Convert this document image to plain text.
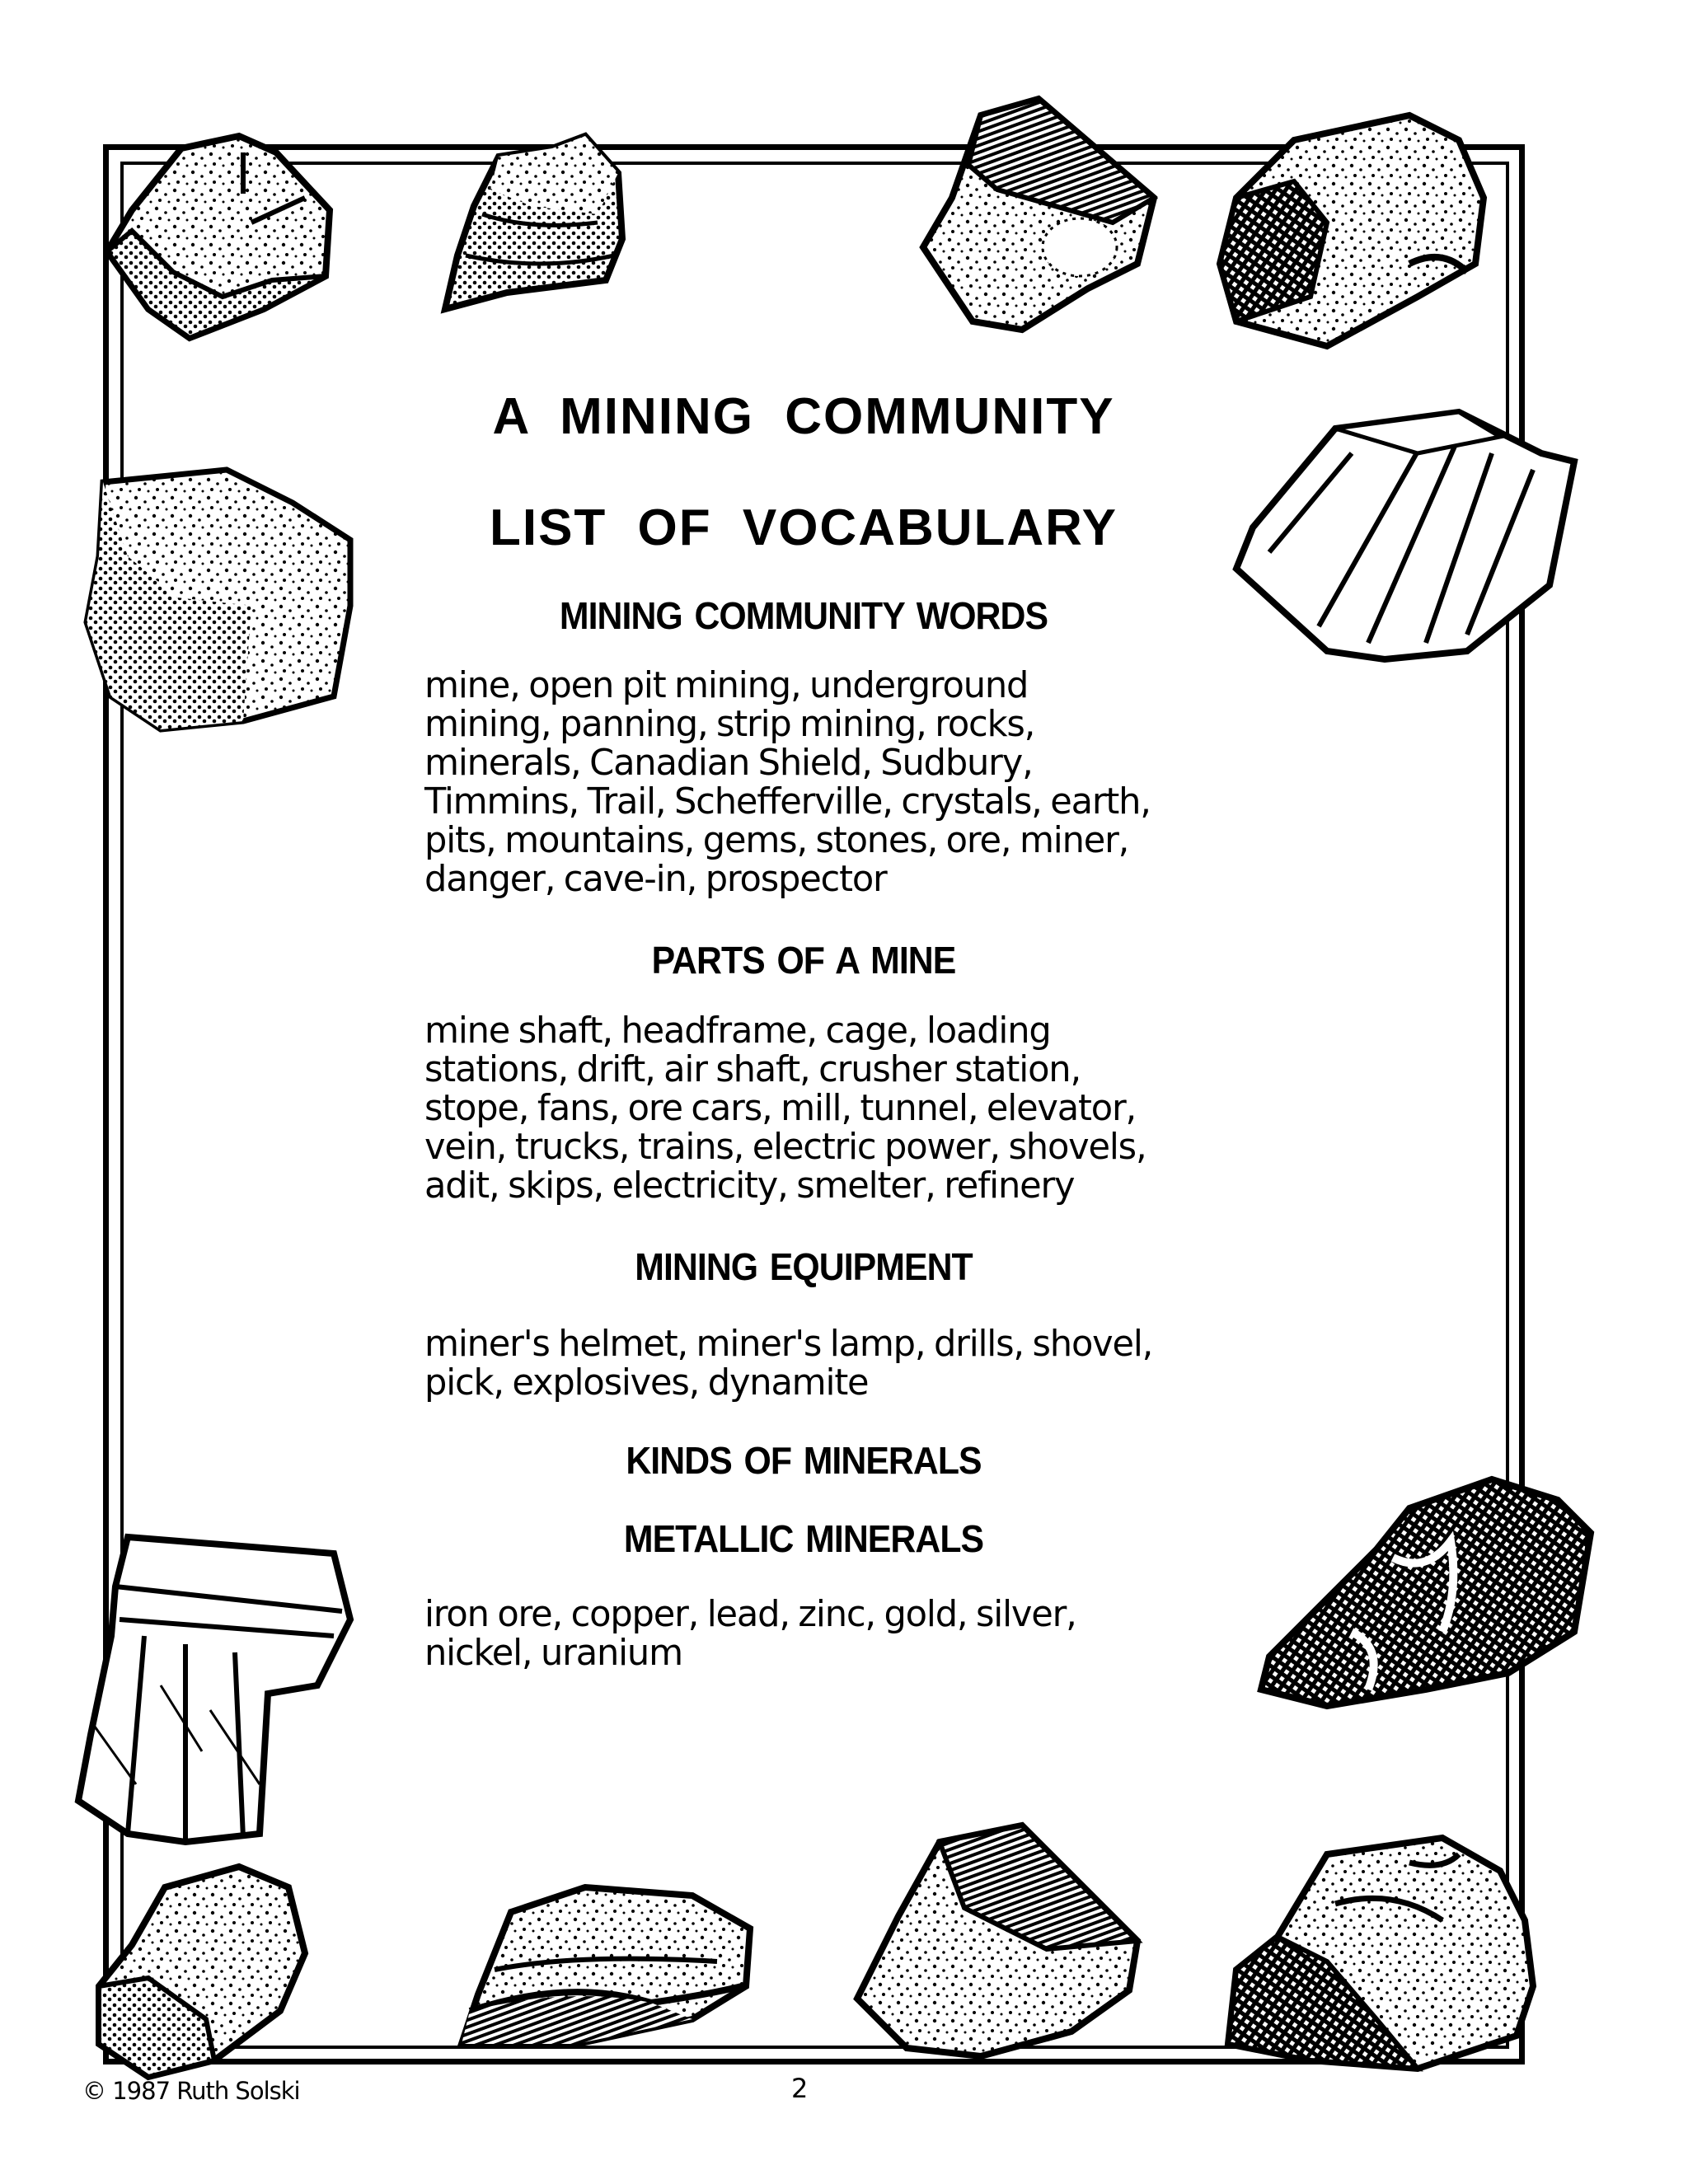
A MINING COMMUNITY
LIST OF VOCABULARY
MINING COMMUNITY WORDS
mine, open pit mining, underground
mining, panning, strip mining, rocks,
minerals, Canadian Shield, Sudbury,
Timmins, Trail, Schefferville, crystals, earth,
pits, mountains, gems, stones, ore, miner,
danger, cave-in, prospector
PARTS OF A MINE
mine shaft, headframe, cage, loading
stations, drift, air shaft, crusher station,
stope, fans, ore cars, mill, tunnel, elevator,
vein, trucks, trains, electric power, shovels,
adit, skips, electricity, smelter, refinery
MINING EQUIPMENT
miner's helmet, miner's lamp, drills, shovel,
pick, explosives, dynamite
KINDS OF MINERALS
METALLIC MINERALS
iron ore, copper, lead, zinc, gold, silver,
nickel, uranium
© 1987 Ruth Solski	2
